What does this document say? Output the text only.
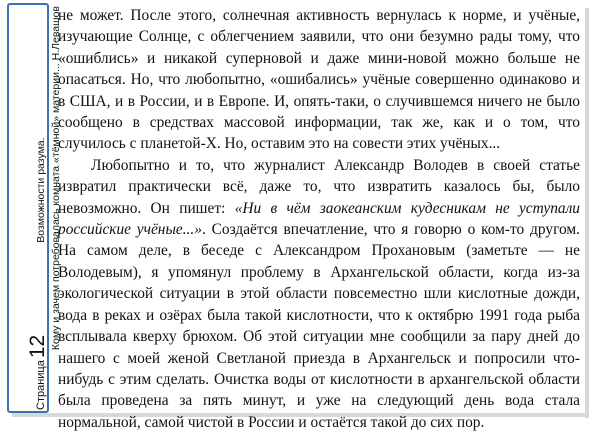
Страница
12
Возможности разума. Кому и зачем потребовалась комната «тёмной» материи... Н.Левашов

не может. После этого, солнечная активность вернулась к норме, и учёные, изучающие Солнце, с облегчением заявили, что они безумно рады тому, что «ошиблись» и никакой суперновой и даже мини-новой можно больше не опасаться. Но, что любопытно, «ошибались» учёные совершенно одинаково и в США, и в России, и в Европе. И, опять-таки, о случившемся ничего не было сообщено в средствах массовой информации, так же, как и о том, что случилось с планетой-Х. Но, оставим это на совести этих учёных...

Любопытно и то, что журналист Александр Володев в своей статье извратил практически всё, даже то, что извратить казалось бы, было невозможно. Он пишет: «Ни в чём заокеанским кудесникам не уступали российские учёные...». Создаётся впечатление, что я говорю о ком-то другом. На самом деле, в беседе с Александром Прохановым (заметьте — не Володевым), я упомянул проблему в Архангельской области, когда из-за экологической ситуации в этой области повсеместно шли кислотные дожди, вода в реках и озёрах была такой кислотности, что к октябрю 1991 года рыба всплывала кверху брюхом. Об этой ситуации мне сообщили за пару дней до нашего с моей женой Светланой приезда в Архангельск и попросили что-нибудь с этим сделать. Очистка воды от кислотности в архангельской области была проведена за пять минут, и уже на следующий день вода стала нормальной, самой чистой в России и остаётся такой до сих пор.
